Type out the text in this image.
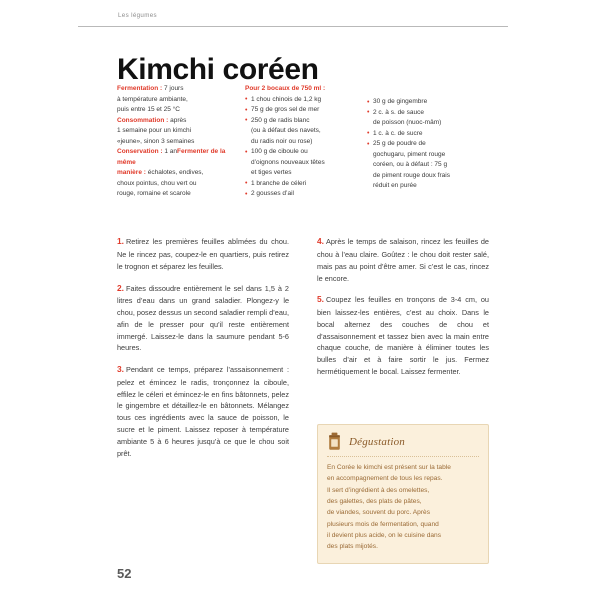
Les légumes
Kimchi coréen
Fermentation : 7 jours
à température ambiante,
puis entre 15 et 25 °C
Consommation : après
1 semaine pour un kimchi
«jeune», sinon 3 semaines
Conservation : 1 anFermenter de la même
manière : échalotes, endives,
choux pointus, chou vert ou
rouge, romaine et scarole
Pour 2 bocaux de 750 ml :
• 1 chou chinois de 1,2 kg
• 75 g de gros sel de mer
• 250 g de radis blanc
(ou à défaut des navets,
du radis noir ou rose)
• 100 g de ciboule ou
d’oignons nouveaux têtes
et tiges vertes
• 1 branche de céleri
• 2 gousses d’ail
• 30 g de gingembre
• 2 c. à s. de sauce
de poisson (nuoc-mâm)
• 1 c. à c. de sucre
• 25 g de poudre de
gochugaru, piment rouge
coréen, ou à défaut : 75 g
de piment rouge doux frais
réduit en purée

1. Retirez les premières feuilles abîmées du chou. Ne le rincez pas, coupez-le en quartiers, puis retirez le trognon et séparez les feuilles.

2. Faites dissoudre entièrement le sel dans 1,5 à 2 litres d’eau dans un grand saladier. Plongez-y le chou, posez dessus un second saladier rempli d’eau, afin de le presser pour qu’il reste entièrement immergé. Laissez-le dans la saumure pendant 5-6 heures.

3. Pendant ce temps, préparez l’assaisonnement : pelez et émincez le radis, tronçonnez la ciboule, effilez le céleri et émincez-le en fins bâtonnets, pelez le gingembre et détaillez-le en bâtonnets. Mélangez tous ces ingrédients avec la sauce de poisson, le sucre et le piment. Laissez reposer à température ambiante 5 à 6 heures jusqu’à ce que le chou soit prêt.

4. Après le temps de salaison, rincez les feuilles de chou à l’eau claire. Goûtez : le chou doit rester salé, mais pas au point d’être amer. Si c’est le cas, rincez le encore.

5. Coupez les feuilles en tronçons de 3-4 cm, ou bien laissez-les entières, c’est au choix. Dans le bocal alternez des couches de chou et d’assaisonnement et tassez bien avec la main entre chaque couche, de manière à éliminer toutes les bulles d’air et à faire sortir le jus. Fermez hermétiquement le bocal. Laissez fermenter.

Dégustation
En Corée le kimchi est présent sur la table
en accompagnement de tous les repas.
Il sert d’ingrédient à des omelettes,
des galettes, des plats de pâtes,
de viandes, souvent du porc. Après
plusieurs mois de fermentation, quand
il devient plus acide, on le cuisine dans
des plats mijotés.
52
